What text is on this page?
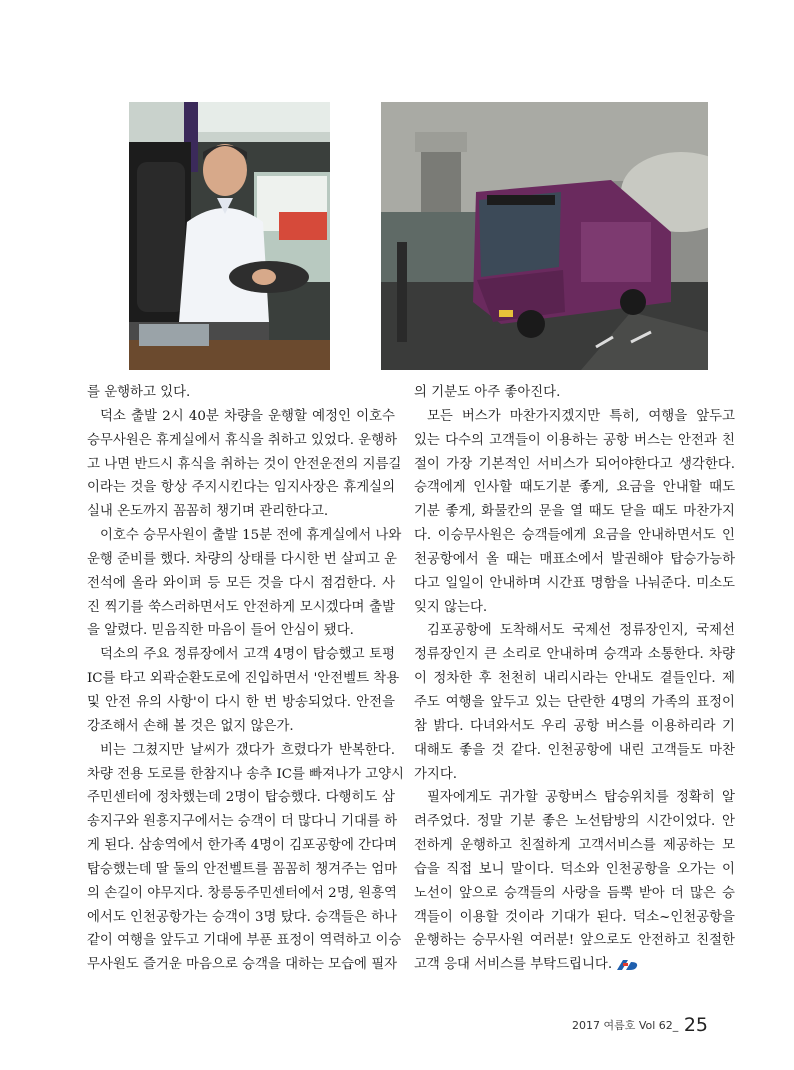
를 운행하고 있다.
덕소 출발 2시 40분 차량을 운행할 예정인 이호수
승무사원은 휴게실에서 휴식을 취하고 있었다. 운행하
고 나면 반드시 휴식을 취하는 것이 안전운전의 지름길
이라는 것을 항상 주지시킨다는 임지사장은 휴게실의
실내 온도까지 꼼꼼히 챙기며 관리한다고.
이호수 승무사원이 출발 15분 전에 휴게실에서 나와
운행 준비를 했다. 차량의 상태를 다시한 번 살피고 운
전석에 올라 와이퍼 등 모든 것을 다시 점검한다. 사
진 찍기를 쑥스러하면서도 안전하게 모시겠다며 출발
을 알렸다. 믿음직한 마음이 들어 안심이 됐다.
덕소의 주요 정류장에서 고객 4명이 탑승했고 토평
IC를 타고 외곽순환도로에 진입하면서 '안전벨트 착용
및 안전 유의 사항'이 다시 한 번 방송되었다. 안전을
강조해서 손해 볼 것은 없지 않은가.
비는 그쳤지만 날씨가 갰다가 흐렸다가 반복한다.
차량 전용 도로를 한참지나 송추 IC를 빠져나가 고양시
주민센터에 정차했는데 2명이 탑승했다. 다행히도 삼
송지구와 원흥지구에서는 승객이 더 많다니 기대를 하
게 된다. 삼송역에서 한가족 4명이 김포공항에 간다며
탑승했는데 딸 둘의 안전벨트를 꼼꼼히 챙겨주는 엄마
의 손길이 야무지다. 창릉동주민센터에서 2명, 원흥역
에서도 인천공항가는 승객이 3명 탔다. 승객들은 하나
같이 여행을 앞두고 기대에 부푼 표정이 역력하고 이승
무사원도 즐거운 마음으로 승객을 대하는 모습에 필자
의 기분도 아주 좋아진다.
모든 버스가 마찬가지겠지만 특히, 여행을 앞두고
있는 다수의 고객들이 이용하는 공항 버스는 안전과 친
절이 가장 기본적인 서비스가 되어야한다고 생각한다.
승객에게 인사할 때도기분 좋게, 요금을 안내할 때도
기분 좋게, 화물칸의 문을 열 때도 닫을 때도 마찬가지
다. 이승무사원은 승객들에게 요금을 안내하면서도 인
천공항에서 올 때는 매표소에서 발권해야 탑승가능하
다고 일일이 안내하며 시간표 명함을 나눠준다. 미소도
잊지 않는다.
김포공항에 도착해서도 국제선 정류장인지, 국제선
정류장인지 큰 소리로 안내하며 승객과 소통한다. 차량
이 정차한 후 천천히 내리시라는 안내도 곁들인다. 제
주도 여행을 앞두고 있는 단란한 4명의 가족의 표정이
참 밝다. 다녀와서도 우리 공항 버스를 이용하리라 기
대해도 좋을 것 같다. 인천공항에 내린 고객들도 마찬
가지다.
필자에게도 귀가할 공항버스 탑승위치를 정확히 알
려주었다. 정말 기분 좋은 노선탐방의 시간이었다. 안
전하게 운행하고 친절하게 고객서비스를 제공하는 모
습을 직접 보니 말이다. 덕소와 인천공항을 오가는 이
노선이 앞으로 승객들의 사랑을 듬뿍 받아 더 많은 승
객들이 이용할 것이라 기대가 된다. 덕소~인천공항을
운행하는 승무사원 여러분! 앞으로도 안전하고 친절한
고객 응대 서비스를 부탁드립니다.
2017 여름호 Vol 62_ 25
